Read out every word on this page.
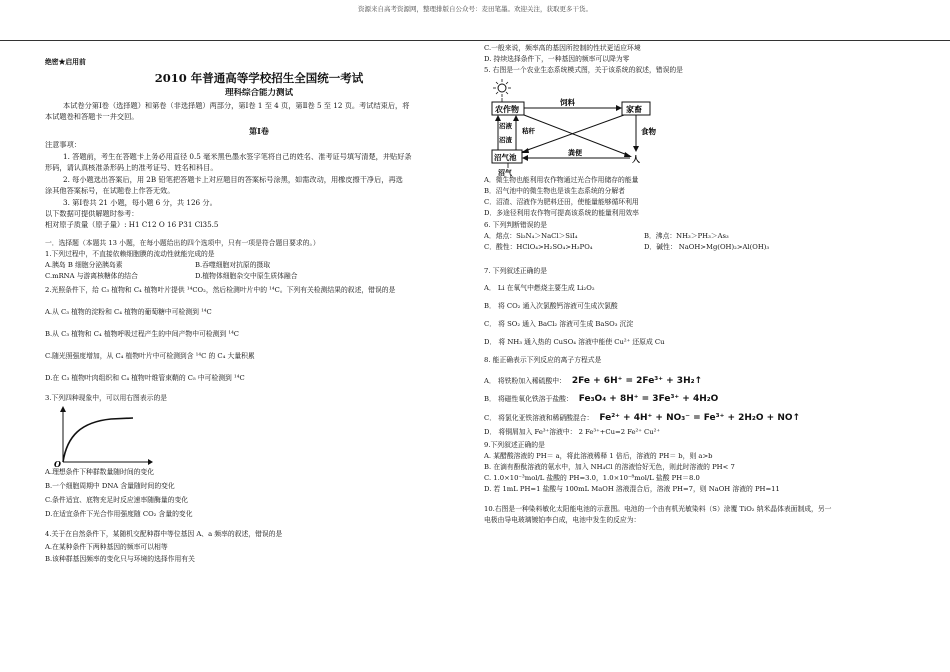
资源来自高考资源网，整理排版自公众号：麦田笔墨。欢迎关注，获取更多干货。
绝密★启用前
2010 年普通高等学校招生全国统一考试
理科综合能力测试
本试卷分第Ⅰ卷（选择题）和第卷（非选择题）两部分，第Ⅰ卷 1 至 4 页，第Ⅱ卷 5 至 12 页。考试结束后，将
本试题卷和答题卡一并交回。
第Ⅰ卷
注意事项：
1. 答题前，考生在答题卡上务必用直径 0.5 毫米黑色墨水签字笔将自己的姓名、准考证号填写清楚，并贴好条
形码，请认真核准条形码上的准考证号、姓名和科目。
2. 每小题选出答案后，用 2B 铅笔把答题卡上对应题目的答案标号涂黑，如需改动，用橡皮擦干净后，再选
涂其他答案标号，在试题卷上作答无效。
3. 第Ⅰ卷共 21 小题，每小题 6 分，共 126 分。
以下数据可提供解题时参考：
相对原子质量（原子量）: H1 C12 O 16 P31 Cl35.5
一．选择题（本题共 13 小题，在每小题给出的四个选项中，只有一项是符合题目要求的。）
1.下列过程中，不直接依赖细胞膜的流动性就能完成的是
A.胰岛 B 细胞分泌胰岛素	B.吞噬细胞对抗原的摄取
C.mRNA 与游离核糖体的结合	D.植物体细胞杂交中原生质体融合
2.光照条件下，给 C₃ 植物和 C₄ 植物叶片提供 ¹⁴CO₂，然后检测叶片中的 ¹⁴C。下列有关检测结果的叙述，错误的是
A.从 C₃ 植物的淀粉和 C₄ 植物的葡萄糖中可检测到 ¹⁴C
B.从 C₃ 植物和 C₄ 植物呼吸过程产生的中间产物中可检测到 ¹⁴C
C.随光照强度增加，从 C₄ 植物叶片中可检测到含 ¹⁴C 的 C₄ 大量积累
D.在 C₃ 植物叶肉组织和 C₄ 植物叶维管束鞘的 C₅ 中可检测到 ¹⁴C
3.下列四种现象中，可以用右图表示的是
O
A.理想条件下种群数量随时间的变化
B.一个细胞周期中 DNA 含量随时间的变化
C.条件适宜、底物充足时反应速率随酶量的变化
D.在适宜条件下光合作用强度随 CO₂ 含量的变化
4.关于在自然条件下，某随机交配种群中等位基因 A、a 频率的叙述，错误的是
A.在某种条件下两种基因的频率可以相等
B.该种群基因频率的变化只与环境的选择作用有关
C.一般来说，频率高的基因所控制的性状更适应环境
D. 持续选择条件下，一种基因的频率可以降为零
5. 右图是一个农业生态系统模式图，关于该系统的叙述，错误的是
农作物	家畜
沼气池
饲料
食物
人
粪便
沼液
沼渣
秸秆
沼气
A．微生物也能利用农作物通过光合作用储存的能量
B．沼气池中的微生物也是该生态系统的分解者
C．沼渣、沼液作为肥料还田，使能量能够循环利用
D．多途径利用农作物可提高该系统的能量利用效率
6. 下列判断错误的是
A．熔点：Si₃N₄＞NaCl＞SiI₄	B．沸点：NH₃＞PH₃＞As₃
C．酸性：HClO₄>H₂SO₄>H₃PO₄	D．碱性： NaOH>Mg(OH)₂>Al(OH)₃
7. 下列叙述正确的是
A． Li 在氧气中燃烧主要生成 Li₂O₂
B． 将 CO₂ 通入次氯酸钙溶液可生成次氯酸
C． 将 SO₂ 通入 BaCl₂ 溶液可生成 BaSO₃ 沉淀
D． 将 NH₃ 通入热的 CuSO₄ 溶液中能使 Cu²⁺ 还原成 Cu
8. 能正确表示下列反应的离子方程式是
A． 将铁粉加入稀硫酸中： 2Fe + 6H⁺ = 2Fe³⁺ + 3H₂↑
B． 将磁性氧化铁溶于盐酸： Fe₃O₄ + 8H⁺ = 3Fe³⁺ + 4H₂O
C． 将氯化亚铁溶液和稀硝酸混合： Fe²⁺ + 4H⁺ + NO₃⁻ = Fe³⁺ + 2H₂O + NO↑
D． 将铜屑加入 Fe³⁺溶液中： 2 Fe³⁺+Cu=2 Fe²⁺ Cu²⁺
9.下列叙述正确的是
A. 某醋酸溶液的 PH＝ a，将此溶液稀释 1 倍后，溶液的 PH＝ b，则 a>b
B. 在滴有酚酞溶液的氨水中，加入 NH₄Cl 的溶液恰好无色，则此时溶液的 PH< 7
C. 1.0×10⁻³mol/L 盐酸的 PH=3.0，1.0×10⁻⁸mol/L 盐酸 PH＝8.0
D. 若 1mL PH=1 盐酸与 100mL MaOH 溶液混合后，溶液 PH=7，则 NaOH 溶液的 PH=11
10.右图是一种染料敏化太阳能电池的示意图。电池的一个由有机光敏染料（S）涂覆 TiO₂ 纳米晶体表面制成，另一
电极由导电玻璃镀铂李白成，电池中发生的反应为：
